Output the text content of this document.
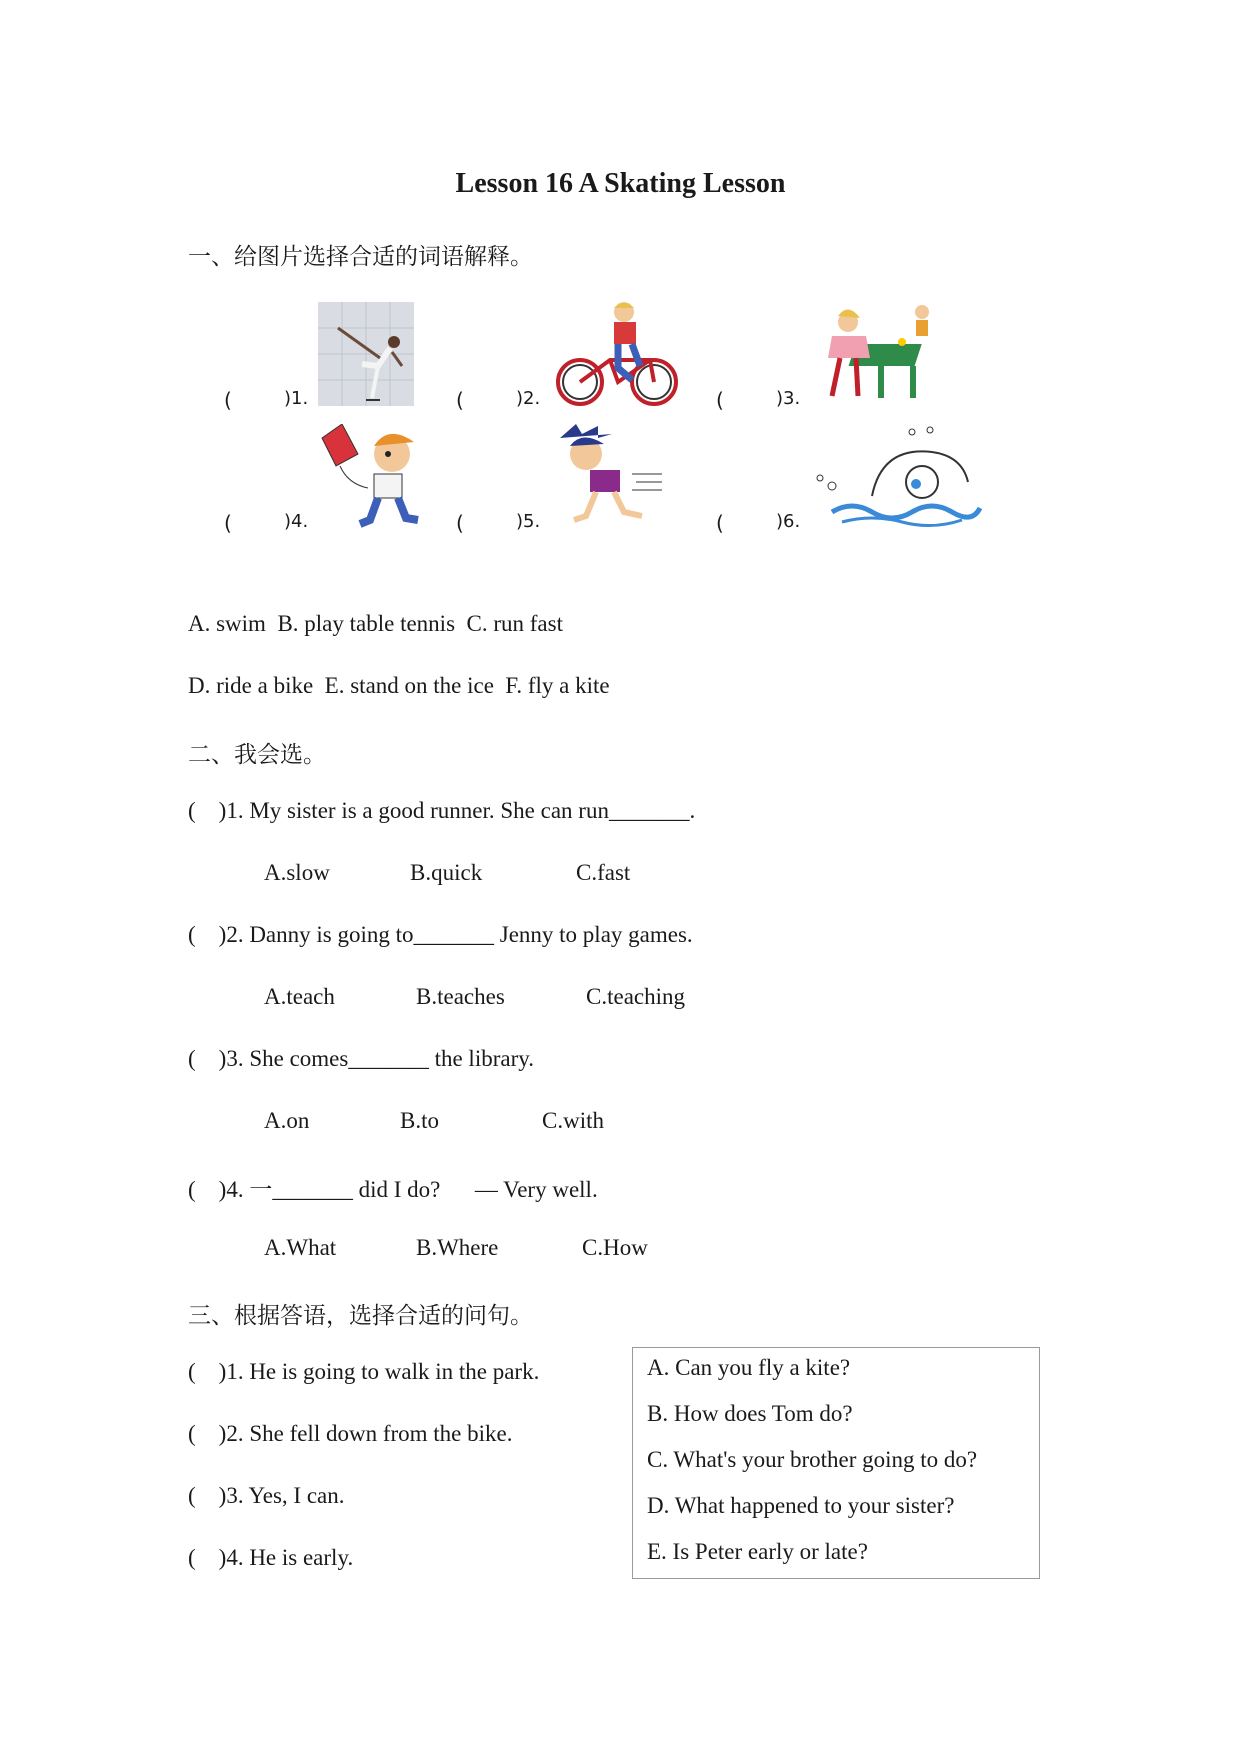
Lesson 16 A Skating Lesson
一、给图片选择合适的词语解释。
(	)1.	(	)2.	(	)3.
(	)4.	(	)5.	(	)6.
A. swim  B. play table tennis  C. run fast
D. ride a bike  E. stand on the ice  F. fly a kite
二、我会选。
(    )1. My sister is a good runner. She can run_______.
A.slow	B.quick	C.fast
(    )2. Danny is going to_______ Jenny to play games.
A.teach	B.teaches	C.teaching
(    )3. She comes_______ the library.
A.on	B.to	C.with
(    )4. 一_______ did I do?      — Very well.
A.What	B.Where	C.How
三、根据答语，选择合适的问句。
(    )1. He is going to walk in the park.
(    )2. She fell down from the bike.
(    )3. Yes, I can.
(    )4. He is early.
A. Can you fly a kite?
B. How does Tom do?
C. What's your brother going to do?
D. What happened to your sister?
E. Is Peter early or late?
